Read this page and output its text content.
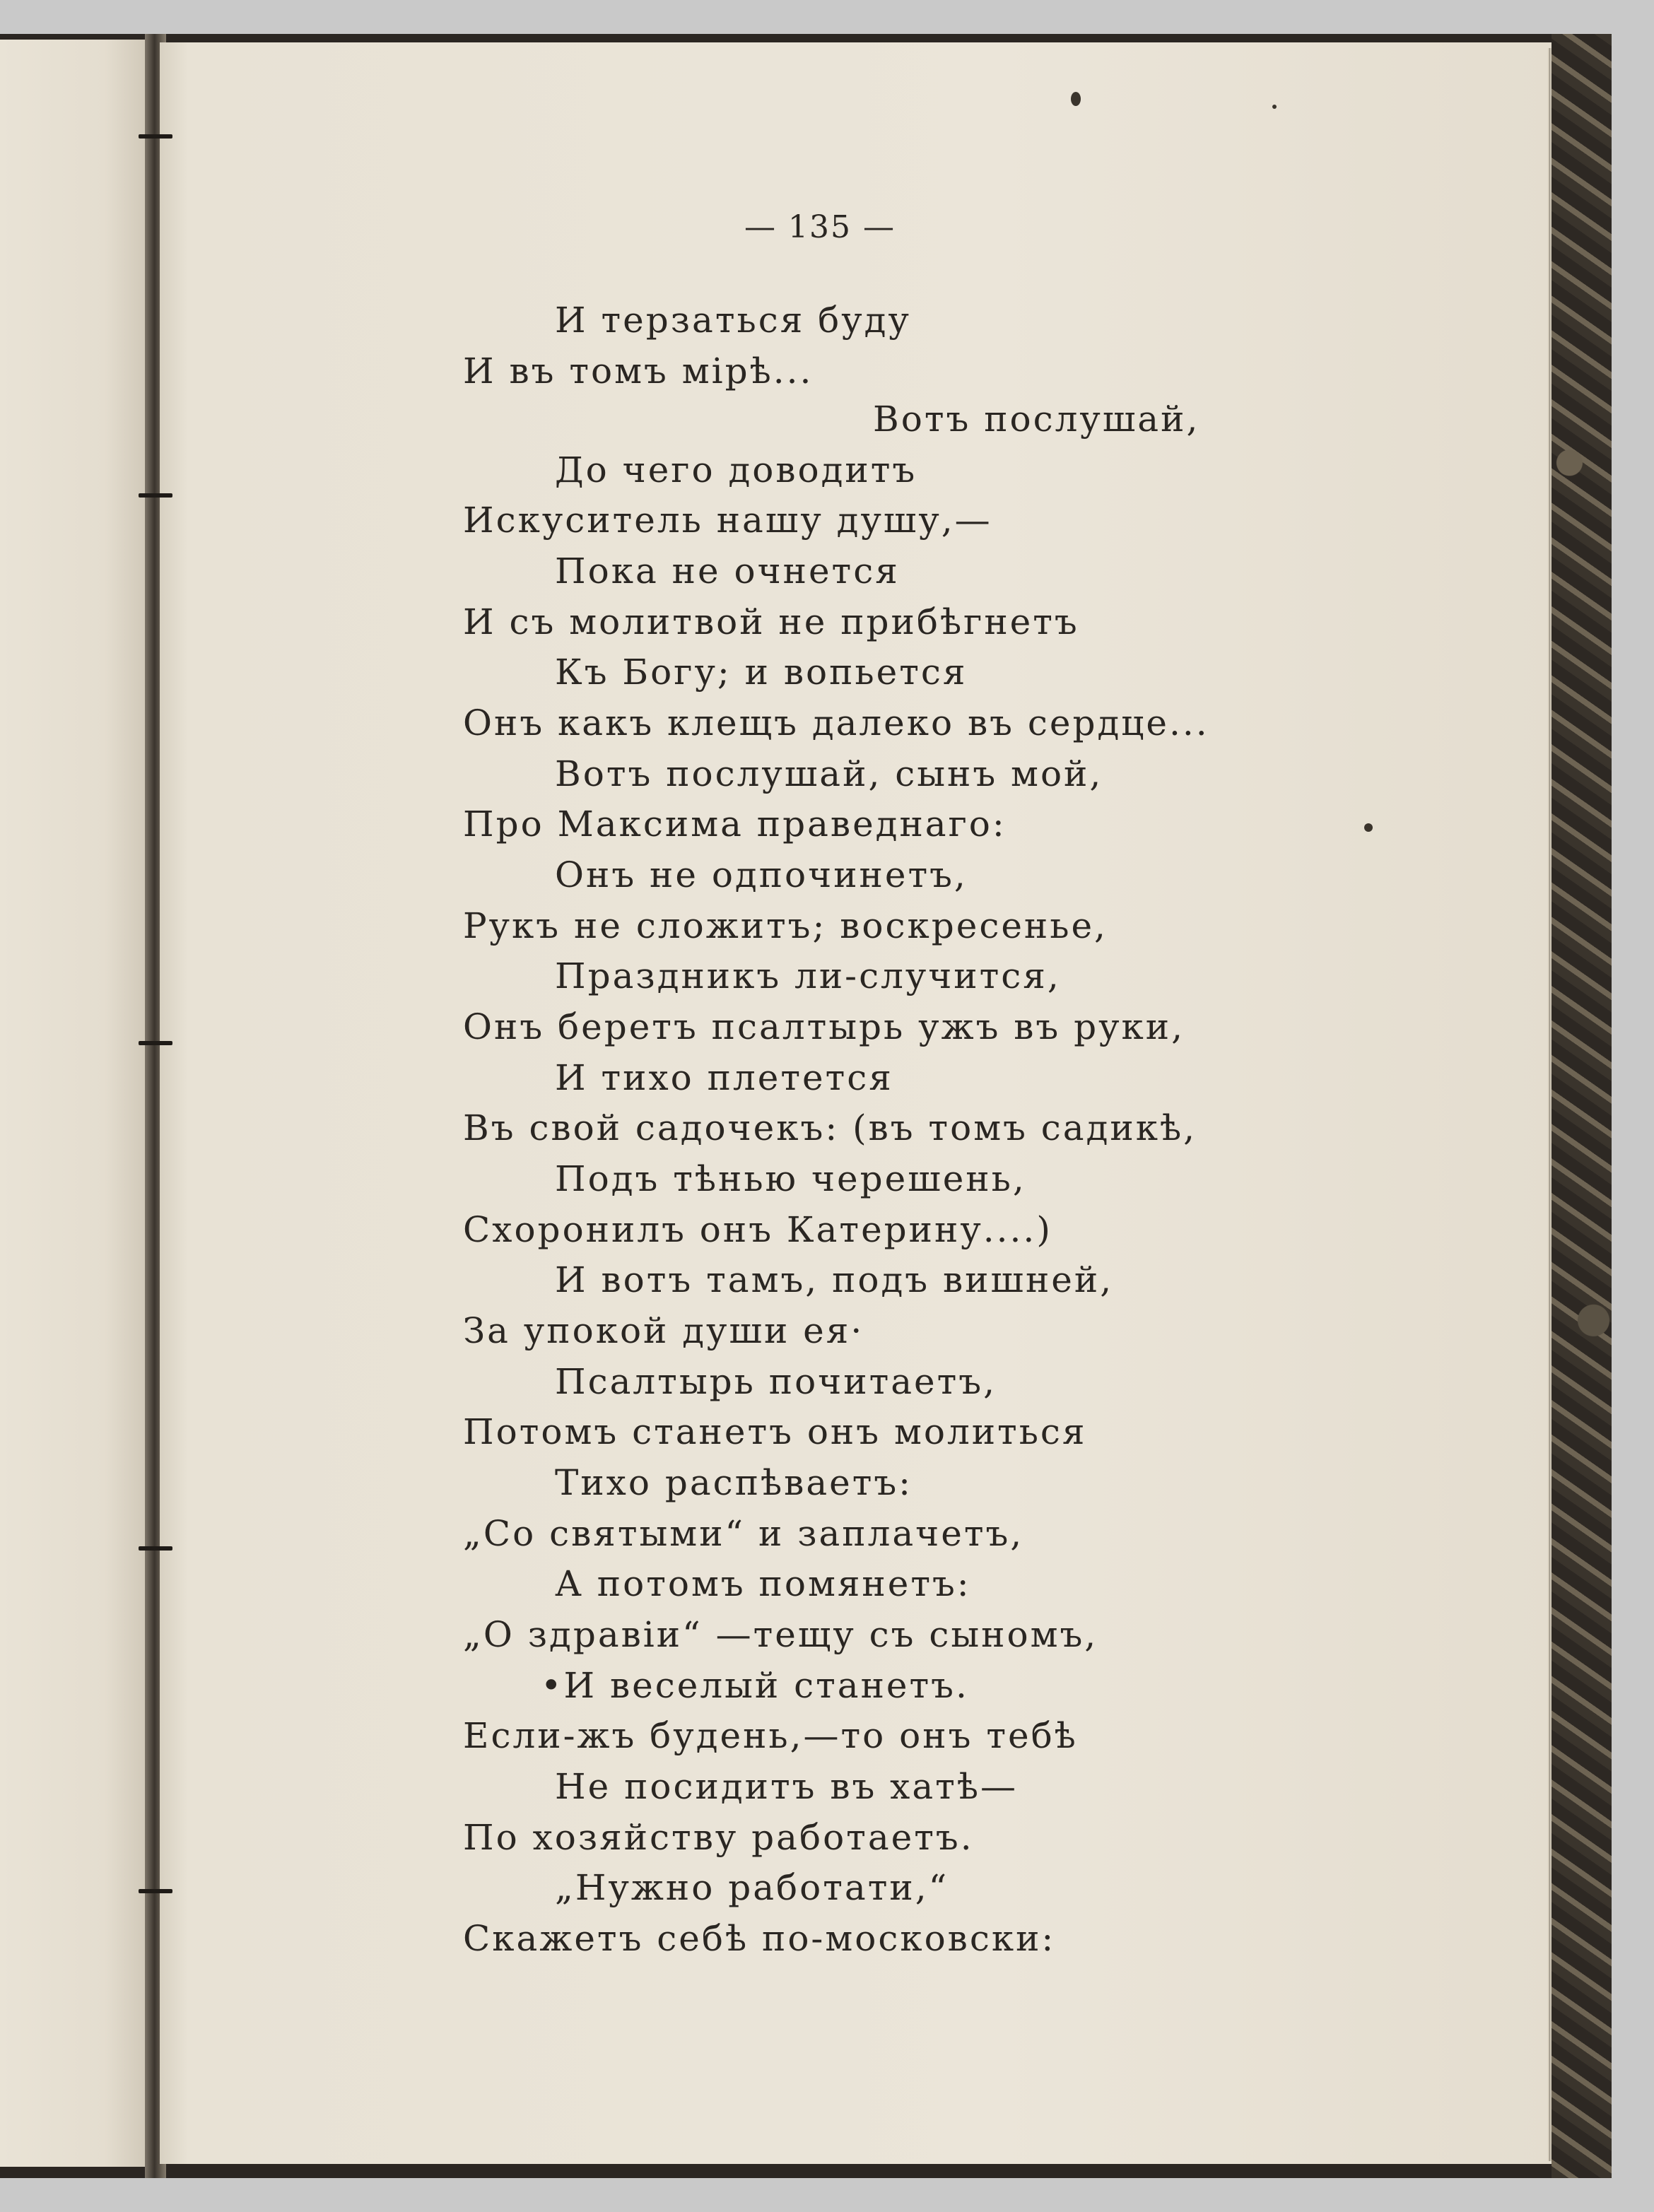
— 135 —
И терзаться буду
И въ томъ мірѣ...
Вотъ послушай,
До чего доводитъ
Искуситель нашу душу,—
Пока не очнется
И съ молитвой не прибѣгнетъ
Къ Богу; и вопьется
Онъ какъ клещъ далеко въ сердце...
Вотъ послушай, сынъ мой,
Про Максима праведнаго:
Онъ не одпочинетъ,
Рукъ не сложитъ; воскресенье,
Праздникъ ли-случится,
Онъ беретъ псалтырь ужъ въ руки,
И тихо плетется
Въ свой садочекъ: (въ томъ садикѣ,
Подъ тѣнью черешень,
Схоронилъ онъ Катерину....)
И вотъ тамъ, подъ вишней,
За упокой души ея·
Псалтырь почитаетъ,
Потомъ станетъ онъ молиться
Тихо распѣваетъ:
„Со святыми“ и заплачетъ,
А потомъ помянетъ:
„О здравіи“ —тещу съ сыномъ,
•И веселый станетъ.
Если-жъ будень,—то онъ тебѣ
Не посидитъ въ хатѣ—
По хозяйству работаетъ.
„Нужно работати,“
Скажетъ себѣ по-московски:
